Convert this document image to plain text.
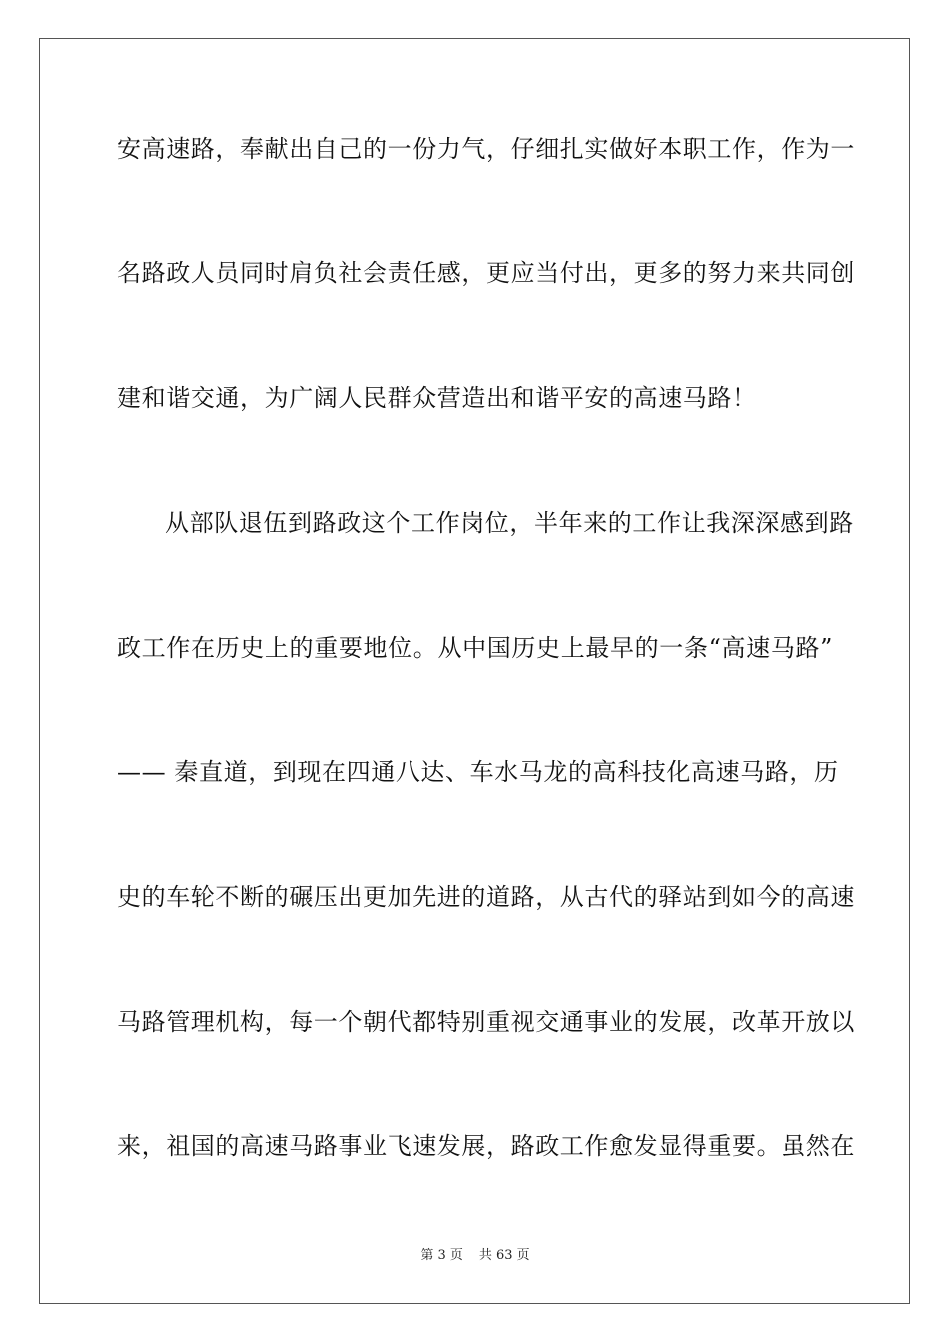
安高速路，奉献出自己的一份力气，仔细扎实做好本职工作，作为一
名路政人员同时肩负社会责任感，更应当付出，更多的努力来共同创
建和谐交通，为广阔人民群众营造出和谐平安的高速马路！
从部队退伍到路政这个工作岗位，半年来的工作让我深深感到路
政工作在历史上的重要地位。从中国历史上最早的一条“高速马路”
—— 秦直道，到现在四通八达、车水马龙的高科技化高速马路，历
史的车轮不断的碾压出更加先进的道路，从古代的驿站到如今的高速
马路管理机构，每一个朝代都特别重视交通事业的发展，改革开放以
来，祖国的高速马路事业飞速发展，路政工作愈发显得重要。虽然在
第 3 页 共 63 页
